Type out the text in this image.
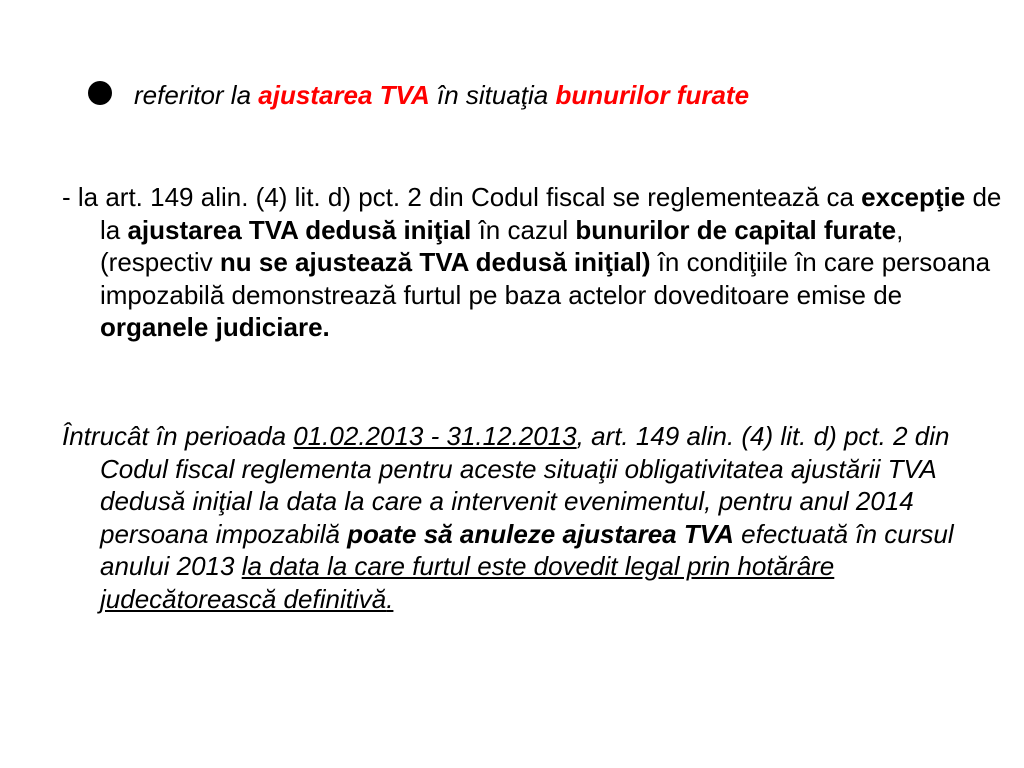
referitor la ajustarea TVA în situaţia bunurilor furate
- la art. 149 alin. (4) lit. d) pct. 2 din Codul fiscal se reglementează ca excepţie de la ajustarea TVA dedusă iniţial în cazul bunurilor de capital furate, (respectiv nu se ajustează TVA dedusă iniţial) în condiţiile în care persoana impozabilă demonstrează furtul pe baza actelor doveditoare emise de organele judiciare.
Întrucât în perioada 01.02.2013 - 31.12.2013, art. 149 alin. (4) lit. d) pct. 2 din Codul fiscal reglementa pentru aceste situaţii obligativitatea ajustării TVA dedusă iniţial la data la care a intervenit evenimentul, pentru anul 2014 persoana impozabilă poate să anuleze ajustarea TVA efectuată în cursul anului 2013 la data la care furtul este dovedit legal prin hotărâre judecătorească definitivă.
